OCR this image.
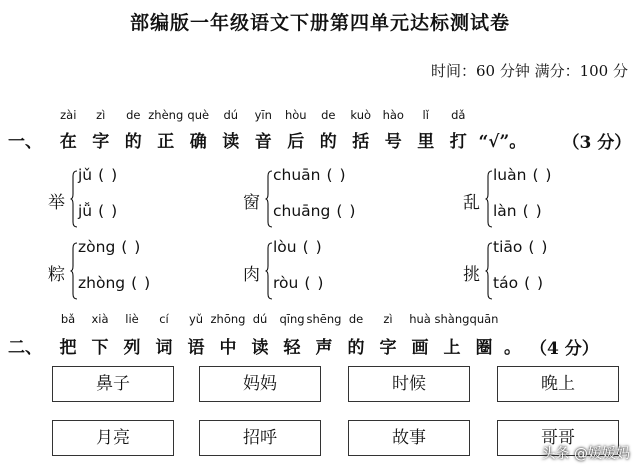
部编版一年级语文下册第四单元达标测试卷
时间：60 分钟 满分：100 分
zài	zì	de zhèng què	dú	yīn	hòu	de	kuò	hào	lǐ	dǎ
一、	在 字 的 正 确 读 音 后 的 括 号 里 打 “√”。 （3 分）
举
jǔ ( )
jǚ ( )	窗
chuān ( )
chuāng ( )	乱
luàn ( )
làn ( )
粽
zòng ( )
zhòng ( )	肉
lòu ( )
ròu ( )	挑
tiāo ( )
táo ( )
bǎ	xià	liè	cí	yǔ zhōng dú	qīng shēng de	zì	huà shàng quān
二、	把 下 列 词 语 中 读 轻 声 的 字 画 上 圈 。 （4 分）
鼻子	妈妈	时候	晚上
月亮	招呼	故事	哥哥
头条 @媛媛妈
